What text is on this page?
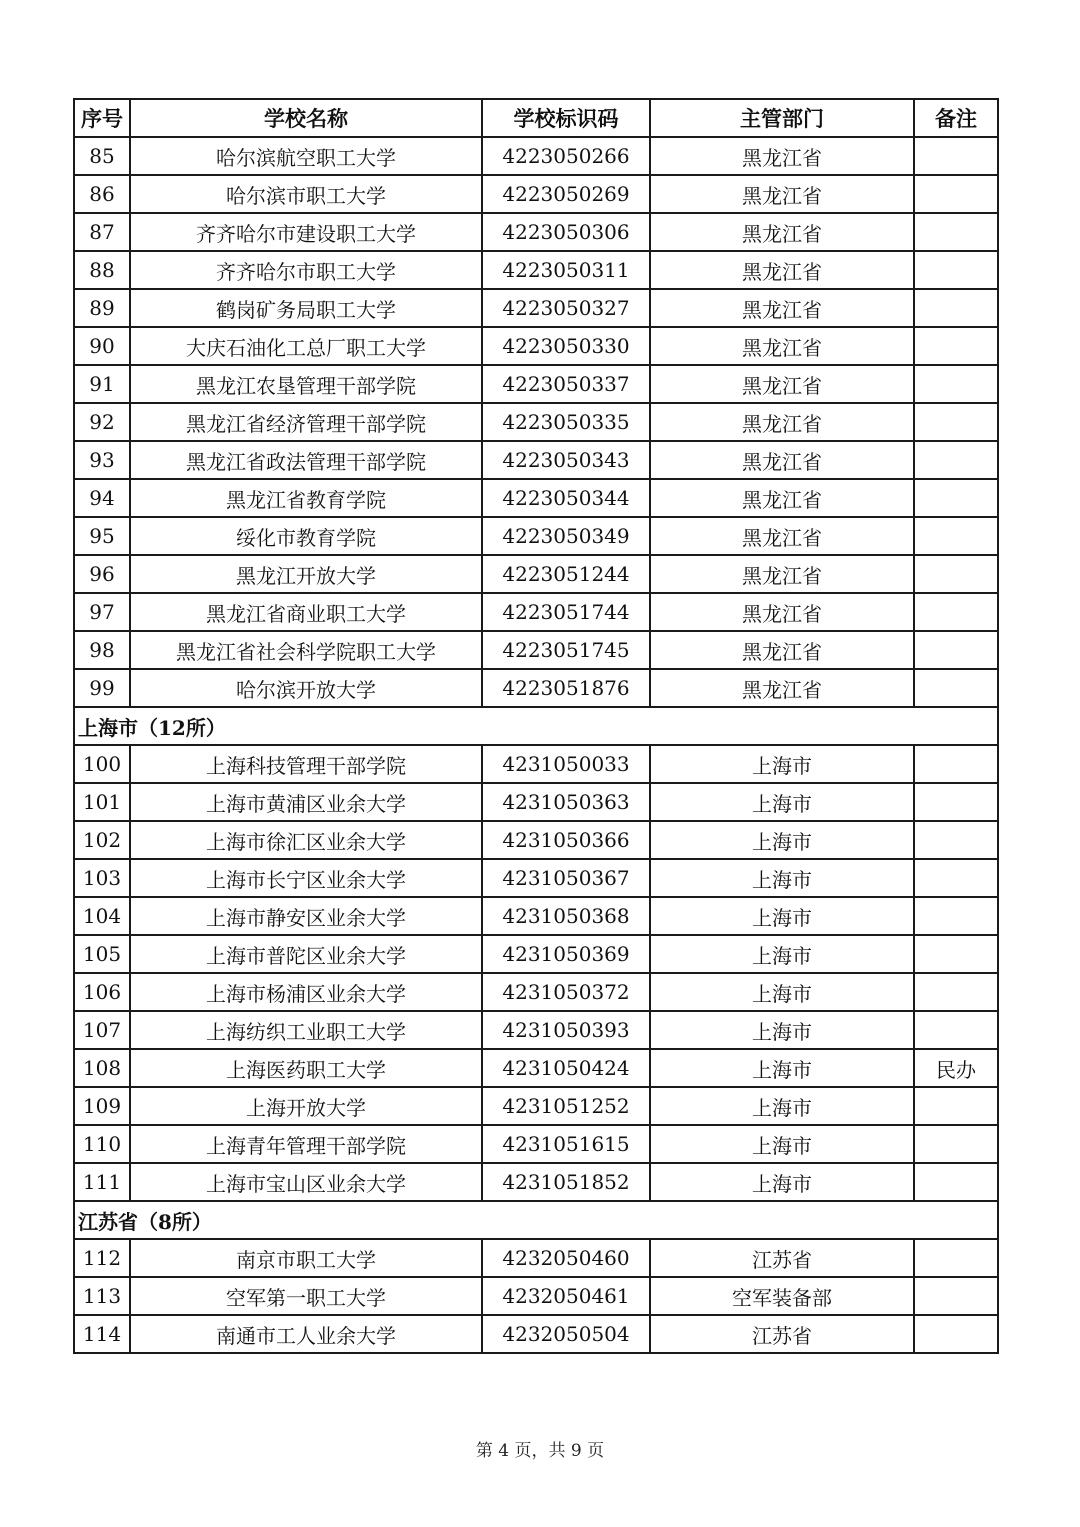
序号	学校名称	学校标识码	主管部门	备注
85	哈尔滨航空职工大学	4223050266	黑龙江省	
86	哈尔滨市职工大学	4223050269	黑龙江省	
87	齐齐哈尔市建设职工大学	4223050306	黑龙江省	
88	齐齐哈尔市职工大学	4223050311	黑龙江省	
89	鹤岗矿务局职工大学	4223050327	黑龙江省	
90	大庆石油化工总厂职工大学	4223050330	黑龙江省	
91	黑龙江农垦管理干部学院	4223050337	黑龙江省	
92	黑龙江省经济管理干部学院	4223050335	黑龙江省	
93	黑龙江省政法管理干部学院	4223050343	黑龙江省	
94	黑龙江省教育学院	4223050344	黑龙江省	
95	绥化市教育学院	4223050349	黑龙江省	
96	黑龙江开放大学	4223051244	黑龙江省	
97	黑龙江省商业职工大学	4223051744	黑龙江省	
98	黑龙江省社会科学院职工大学	4223051745	黑龙江省	
99	哈尔滨开放大学	4223051876	黑龙江省	
上海市（12所）				
100	上海科技管理干部学院	4231050033	上海市	
101	上海市黄浦区业余大学	4231050363	上海市	
102	上海市徐汇区业余大学	4231050366	上海市	
103	上海市长宁区业余大学	4231050367	上海市	
104	上海市静安区业余大学	4231050368	上海市	
105	上海市普陀区业余大学	4231050369	上海市	
106	上海市杨浦区业余大学	4231050372	上海市	
107	上海纺织工业职工大学	4231050393	上海市	
108	上海医药职工大学	4231050424	上海市	民办
109	上海开放大学	4231051252	上海市	
110	上海青年管理干部学院	4231051615	上海市	
111	上海市宝山区业余大学	4231051852	上海市	
江苏省（8所）				
112	南京市职工大学	4232050460	江苏省	
113	空军第一职工大学	4232050461	空军装备部	
114	南通市工人业余大学	4232050504	江苏省	
第 4 页，共 9 页
